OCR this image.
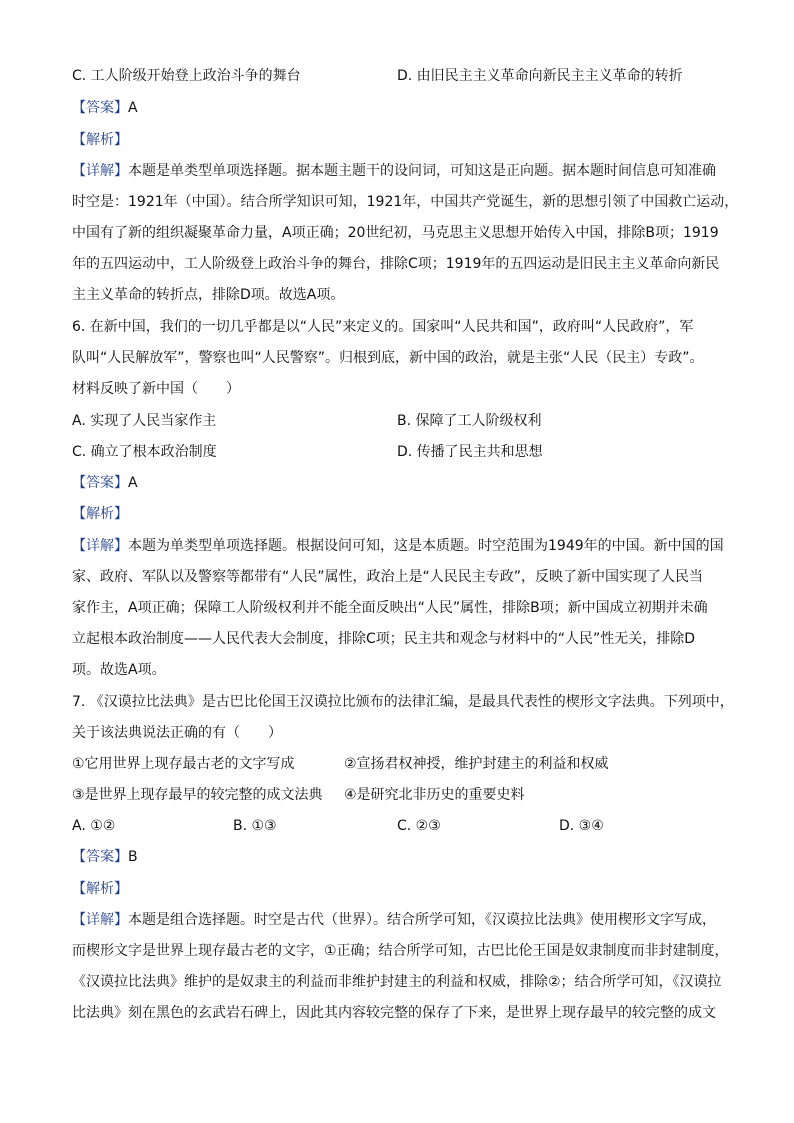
C. 工人阶级开始登上政治斗争的舞台	D. 由旧民主主义革命向新民主主义革命的转折
【答案】A
【解析】
【详解】本题是单类型单项选择题。据本题主题干的设问词，可知这是正向题。据本题时间信息可知准确
时空是：1921年（中国）。结合所学知识可知，1921年，中国共产党诞生，新的思想引领了中国救亡运动，
中国有了新的组织凝聚革命力量，A项正确；20世纪初，马克思主义思想开始传入中国，排除B项；1919
年的五四运动中，工人阶级登上政治斗争的舞台，排除C项；1919年的五四运动是旧民主主义革命向新民
主主义革命的转折点，排除D项。故选A项。
6. 在新中国，我们的一切几乎都是以“人民”来定义的。国家叫“人民共和国”，政府叫“人民政府”，军
队叫“人民解放军”，警察也叫“人民警察”。归根到底，新中国的政治，就是主张“人民（民主）专政”。
材料反映了新中国（　　）
A. 实现了人民当家作主	B. 保障了工人阶级权利
C. 确立了根本政治制度	D. 传播了民主共和思想
【答案】A
【解析】
【详解】本题为单类型单项选择题。根据设问可知，这是本质题。时空范围为1949年的中国。新中国的国
家、政府、军队以及警察等都带有“人民”属性，政治上是“人民民主专政”，反映了新中国实现了人民当
家作主，A项正确；保障工人阶级权利并不能全面反映出“人民”属性，排除B项；新中国成立初期并未确
立起根本政治制度——人民代表大会制度，排除C项；民主共和观念与材料中的“人民”性无关，排除D
项。故选A项。
7. 《汉谟拉比法典》是古巴比伦国王汉谟拉比颁布的法律汇编，是最具代表性的楔形文字法典。下列项中，
关于该法典说法正确的有（　　）
①它用世界上现存最古老的文字写成	②宣扬君权神授，维护封建主的利益和权威
③是世界上现存最早的较完整的成文法典 ④是研究北非历史的重要史料
A. ①②	B. ①③	C. ②③	D. ③④
【答案】B
【解析】
【详解】本题是组合选择题。时空是古代（世界）。结合所学可知，《汉谟拉比法典》使用楔形文字写成，
而楔形文字是世界上现存最古老的文字，①正确；结合所学可知，古巴比伦王国是奴隶制度而非封建制度，
《汉谟拉比法典》维护的是奴隶主的利益而非维护封建主的利益和权威，排除②；结合所学可知，《汉谟拉
比法典》刻在黑色的玄武岩石碑上，因此其内容较完整的保存了下来，是世界上现存最早的较完整的成文
